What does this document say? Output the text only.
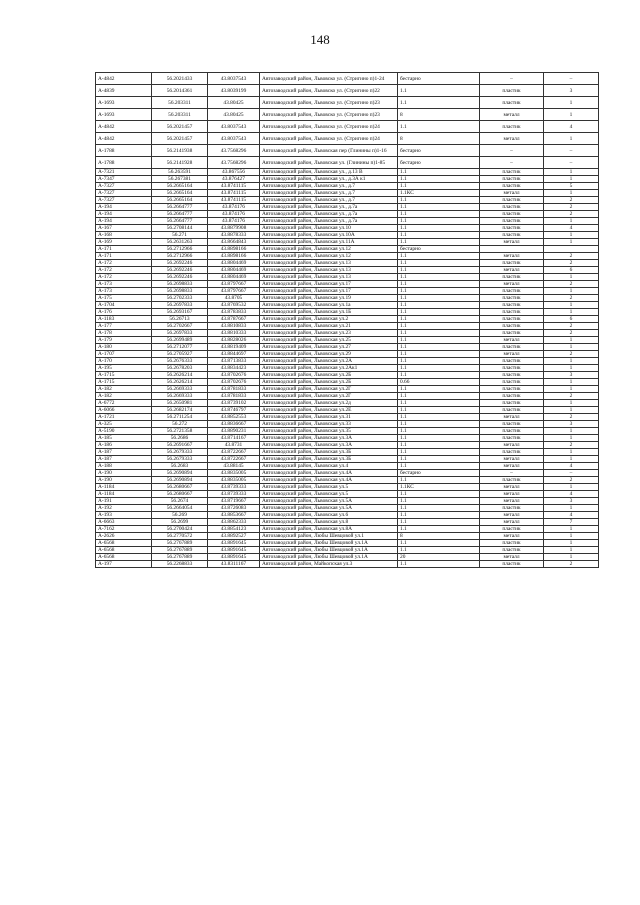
148
А-4842	56.2021433	43.8037543	Автозаводский район, Львовско ул. (Стригино п)1-24	бестарно	–	–
А-4839	56.2014361	43.8039199	Автозаводский район, Львовско ул. (Стригино п)22	1.1	пластик	3
А-1693	56.203311	43.80425	Автозаводский район, Львовско ул. (Стригино п)23	1.1	пластик	1
А-1693	56.203311	43.80425	Автозаводский район, Львовско ул. (Стригино п)23	8	металл	1
А-4842	56.2021457	43.8037543	Автозаводский район, Львовско ул. (Стригино п)24	1.1	пластик	4
А-4842	56.2021457	43.8037543	Автозаводский район, Львовско ул. (Стригино п)24	8	металл	1
А-1788	56.2141938	43.7568296	Автозаводский район, Львовская пер (Глинины п)1-16	бестарно	–	–
А-1788	56.2141928	43.7568296	Автозаводский район, Львовская ул. (Глинины п)1-85	бестарно	–	–
А-7321	56.263591	43.867556	Автозаводский район, Львовская ул., д.13 В	1.1	пластик	1
А-7347	56.267381	43.876427	Автозаводский район, Львовская ул., д.3А к1	1.1	пластик	1
А-7327	56.2665164	43.8741115	Автозаводский район, Львовская ул., д.7	1.1	пластик	5
А-7327	56.2665164	43.8741115	Автозаводский район, Львовская ул., д.7	1.1КС	металл	1
А-7327	56.2665164	43.8741115	Автозаводский район, Львовская ул., д.7	1.1	пластик	2
А-194	56.2664777	43.874176	Автозаводский район, Львовская ул., д.7а	1.1	пластик	2
А-194	56.2664777	43.874176	Автозаводский район, Львовская ул., д.7а	1.1	пластик	2
А-194	56.2664777	43.874176	Автозаводский район, Львовская ул., д.7а	1.1	пластик	1
А-167	56.2708144	43.8879908	Автозаводский район, Львовская ул.10	1.1	пластик	4
А-168	56.271	43.8878333	Автозаводский район, Львовская ул.10А	1.1	пластик	1
А-169	56.2631263	43.8664843	Автозаводский район, Львовская ул.11А	1.1	металл	1
А-171	56.2712966	43.8898166	Автозаводский район, Львовская ул.12	бестарно		
А-171	56.2712966	43.8898166	Автозаводский район, Львовская ул.12	1.1	металл	2
А-172	56.2692246	43.8804469	Автозаводский район, Львовская ул.13	1.1	пластик	2
А-172	56.2692246	43.8804469	Автозаводский район, Львовская ул.13	1.1	металл	6
А-172	56.2692246	43.8804469	Автозаводский район, Львовская ул.13	1.1	пластик	1
А-173	56.2698833	43.8797667	Автозаводский район, Львовская ул.17	1.1	металл	2
А-173	56.2698833	43.8797667	Автозаводский район, Львовская ул.17	1.1	пластик	1
А-175	56.2702333	43.8705	Автозаводский район, Львовская ул.19	1.1	пластик	2
А-1704	56.2697833	43.8769532	Автозаводский район, Львовская ул.1а	1.1	пластик	1
А-176	56.2693167	43.8783833	Автозаводский район, Львовская ул.1Б	1.1	пластик	1
А-1183	56.26713	43.8787667	Автозаводский район, Львовская ул.2	1.1	пластик	6
А-177	56.2702667	43.8810833	Автозаводский район, Львовская ул.21	1.1	пластик	2
А-178	56.2697833	43.8810333	Автозаводский район, Львовская ул.23	1.1	пластик	2
А-179	56.2699489	43.8828026	Автозаводский район, Львовская ул.25	1.1	металл	1
А-180	56.2712077	43.8819409	Автозаводский район, Львовская ул.27	1.1	пластик	1
А-1707	56.2705927	43.8844697	Автозаводский район, Львовская ул.29	1.1	металл	2
А-170	56.2676333	43.8713833	Автозаводский район, Львовская ул.2А	1.1	пластик	1
А-195	56.2678203	43.8834423	Автозаводский район, Львовская ул.2Ак1	1.1	пластик	1
А-1715	56.2626214	43.8702676	Автозаводский район, Львовская ул.2Б	1.1	пластик	3
А-1715	56.2626214	43.8702676	Автозаводский район, Львовская ул.2Б	0.66	пластик	1
А-182	56.2669333	43.8781833	Автозаводский район, Львовская ул.2Г	1.1	пластик	1
А-182	56.2669333	43.8781833	Автозаводский район, Львовская ул.2Г	1.1	пластик	2
А-6772	56.2650981	43.8739102	Автозаводский район, Львовская ул.2д	1.1	пластик	1
А-6066	56.2682174	43.8746797	Автозаводский район, Львовская ул.2Е	1.1	пластик	1
А-1721	56.2711254	43.8852553	Автозаводский район, Львовская ул.31	1.1	металл	2
А-325	56.272	43.8836667	Автозаводский район, Львовская ул.33	1.1	пластик	3
А-5190	56.2721358	43.8890231	Автозаводский район, Львовская ул.35	1.1	пластик	1
А-185	56.2686	43.8714167	Автозаводский район, Львовская ул.3А	1.1	пластик	1
А-186	56.2691667	43.8731	Автозаводский район, Львовская ул.3А	1.1	металл	2
А-187	56.2679333	43.8722667	Автозаводский район, Львовская ул.3Б	1.1	пластик	1
А-187	56.2679333	43.8722667	Автозаводский район, Львовская ул.3Б	1.1	металл	1
А-188	56.2683	43.88145	Автозаводский район, Львовская ул.4	1.1	металл	4
А-190	56.2690894	43.8835005	Автозаводский район, Львовская ул.4А	бестарно	–	–
А-190	56.2690894	43.8835005	Автозаводский район, Львовская ул.4А	1.1	пластик	2
А-1184	56.2680667	43.8739333	Автозаводский район, Львовская ул.5	1.1КС	металл	1
А-1184	56.2680667	43.8739333	Автозаводский район, Львовская ул.5	1.1	металл	4
А-191	56.2674	43.8719667	Автозаводский район, Львовская ул.5А	1.1	металл	3
А-192	56.2664054	43.8726083	Автозаводский район, Львовская ул.5А	1.1	пластик	1
А-193	56.269	43.8853667	Автозаводский район, Львовская ул.6	1.1	металл	4
А-6663	56.2699	43.8862333	Автозаводский район, Львовская ул.8	1.1	металл	7
А-7162	56.2700424	43.8854123	Автозаводский район, Львовская ул.8А	1.1	пластик	1
А-2626	56.2770572	43.8892527	Автозаводский район, Любы Шевцовой ул.1	8	металл	1
А-6568	56.2767889	43.8891645	Автозаводский район, Любы Шевцовой ул.1А	1.1	пластик	1
А-6568	56.2767889	43.8891645	Автозаводский район, Любы Шевцовой ул.1А	1.1	пластик	1
А-6568	56.2767889	43.8891645	Автозаводский район, Любы Шевцовой ул.1А	20	металл	1
А-197	56.2268833	43.8311167	Автозаводский район, Майкопская ул.3	1.1	пластик	2
